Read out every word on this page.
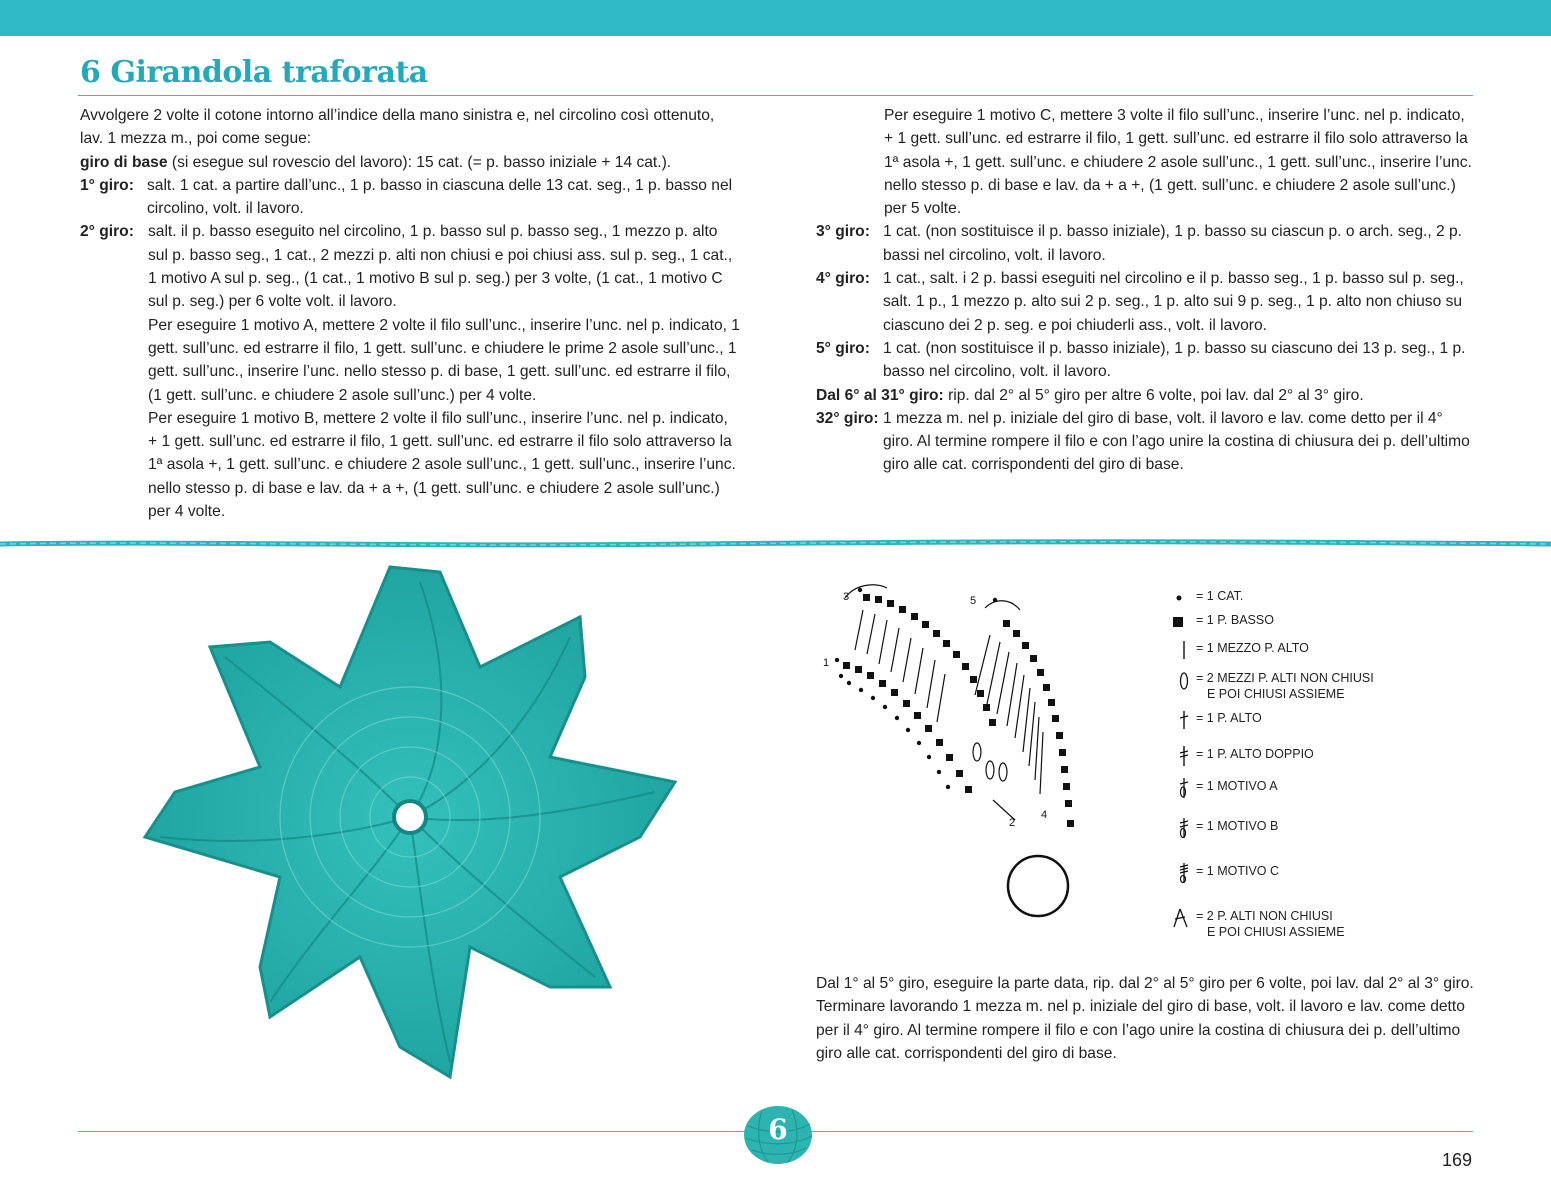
6 Girandola traforata

Avvolgere 2 volte il cotone intorno all’indice della mano sinistra e, nel circolino così ottenuto, lav. 1 mezza m., poi come segue:

giro di base (si esegue sul rovescio del lavoro): 15 cat. (= p. basso iniziale + 14 cat.).

1° giro: salt. 1 cat. a partire dall’unc., 1 p. basso in ciascuna delle 13 cat. seg., 1 p. basso nel circolino, volt. il lavoro.
2° giro: salt. il p. basso eseguito nel circolino, 1 p. basso sul p. basso seg., 1 mezzo p. alto sul p. basso seg., 1 cat., 2 mezzi p. alti non chiusi e poi chiusi ass. sul p. seg., 1 cat., 1 motivo A sul p. seg., (1 cat., 1 motivo B sul p. seg.) per 3 volte, (1 cat., 1 motivo C sul p. seg.) per 6 volte volt. il lavoro.

Per eseguire 1 motivo A, mettere 2 volte il filo sull’unc., inserire l’unc. nel p. indicato, 1 gett. sull’unc. ed estrarre il filo, 1 gett. sull’unc. e chiudere le prime 2 asole sull’unc., 1 gett. sull’unc., inserire l’unc. nello stesso p. di base, 1 gett. sull’unc. ed estrarre il filo, (1 gett. sull’unc. e chiudere 2 asole sull’unc.) per 4 volte.

Per eseguire 1 motivo B, mettere 2 volte il filo sull’unc., inserire l’unc. nel p. indicato, + 1 gett. sull’unc. ed estrarre il filo, 1 gett. sull’unc. ed estrarre il filo solo attraverso la 1ª asola +, 1 gett. sull’unc. e chiudere 2 asole sull’unc., 1 gett. sull’unc., inserire l’unc. nello stesso p. di base e lav. da + a +, (1 gett. sull’unc. e chiudere 2 asole sull’unc.) per 4 volte.

Per eseguire 1 motivo C, mettere 3 volte il filo sull’unc., inserire l’unc. nel p. indicato, + 1 gett. sull’unc. ed estrarre il filo, 1 gett. sull’unc. ed estrarre il filo solo attraverso la 1ª asola +, 1 gett. sull’unc. e chiudere 2 asole sull’unc., 1 gett. sull’unc., inserire l’unc. nello stesso p. di base e lav. da + a +, (1 gett. sull’unc. e chiudere 2 asole sull’unc.) per 5 volte.

3° giro: 1 cat. (non sostituisce il p. basso iniziale), 1 p. basso su ciascun p. o arch. seg., 2 p. bassi nel circolino, volt. il lavoro.
4° giro: 1 cat., salt. i 2 p. bassi eseguiti nel circolino e il p. basso seg., 1 p. basso sul p. seg., salt. 1 p., 1 mezzo p. alto sui 2 p. seg., 1 p. alto sui 9 p. seg., 1 p. alto non chiuso su ciascuno dei 2 p. seg. e poi chiuderli ass., volt. il lavoro.
5° giro: 1 cat. (non sostituisce il p. basso iniziale), 1 p. basso su ciascuno dei 13 p. seg., 1 p. basso nel circolino, volt. il lavoro.

Dal 6° al 31° giro: rip. dal 2° al 5° giro per altre 6 volte, poi lav. dal 2° al 3° giro.

32° giro: 1 mezza m. nel p. iniziale del giro di base, volt. il lavoro e lav. come detto per il 4° giro. Al termine rompere il filo e con l’ago unire la costina di chiusura dei p. dell’ultimo giro alle cat. corrispondenti del giro di base.
3	5
1
2
4
= 1 CAT.
= 1 P. BASSO
= 1 MEZZO P. ALTO
= 2 MEZZI P. ALTI NON CHIUSI
E POI CHIUSI ASSIEME
= 1 P. ALTO
= 1 P. ALTO DOPPIO
= 1 MOTIVO A
= 1 MOTIVO B
= 1 MOTIVO C
= 2 P. ALTI NON CHIUSI
E POI CHIUSI ASSIEME
Dal 1° al 5° giro, eseguire la parte data, rip. dal 2° al 5° giro per 6 volte, poi lav. dal 2° al 3° giro. Terminare lavorando 1 mezza m. nel p. iniziale del giro di base, volt. il lavoro e lav. come detto per il 4° giro. Al termine rompere il filo e con l’ago unire la costina di chiusura dei p. dell’ultimo giro alle cat. corrispondenti del giro di base.
6
169
